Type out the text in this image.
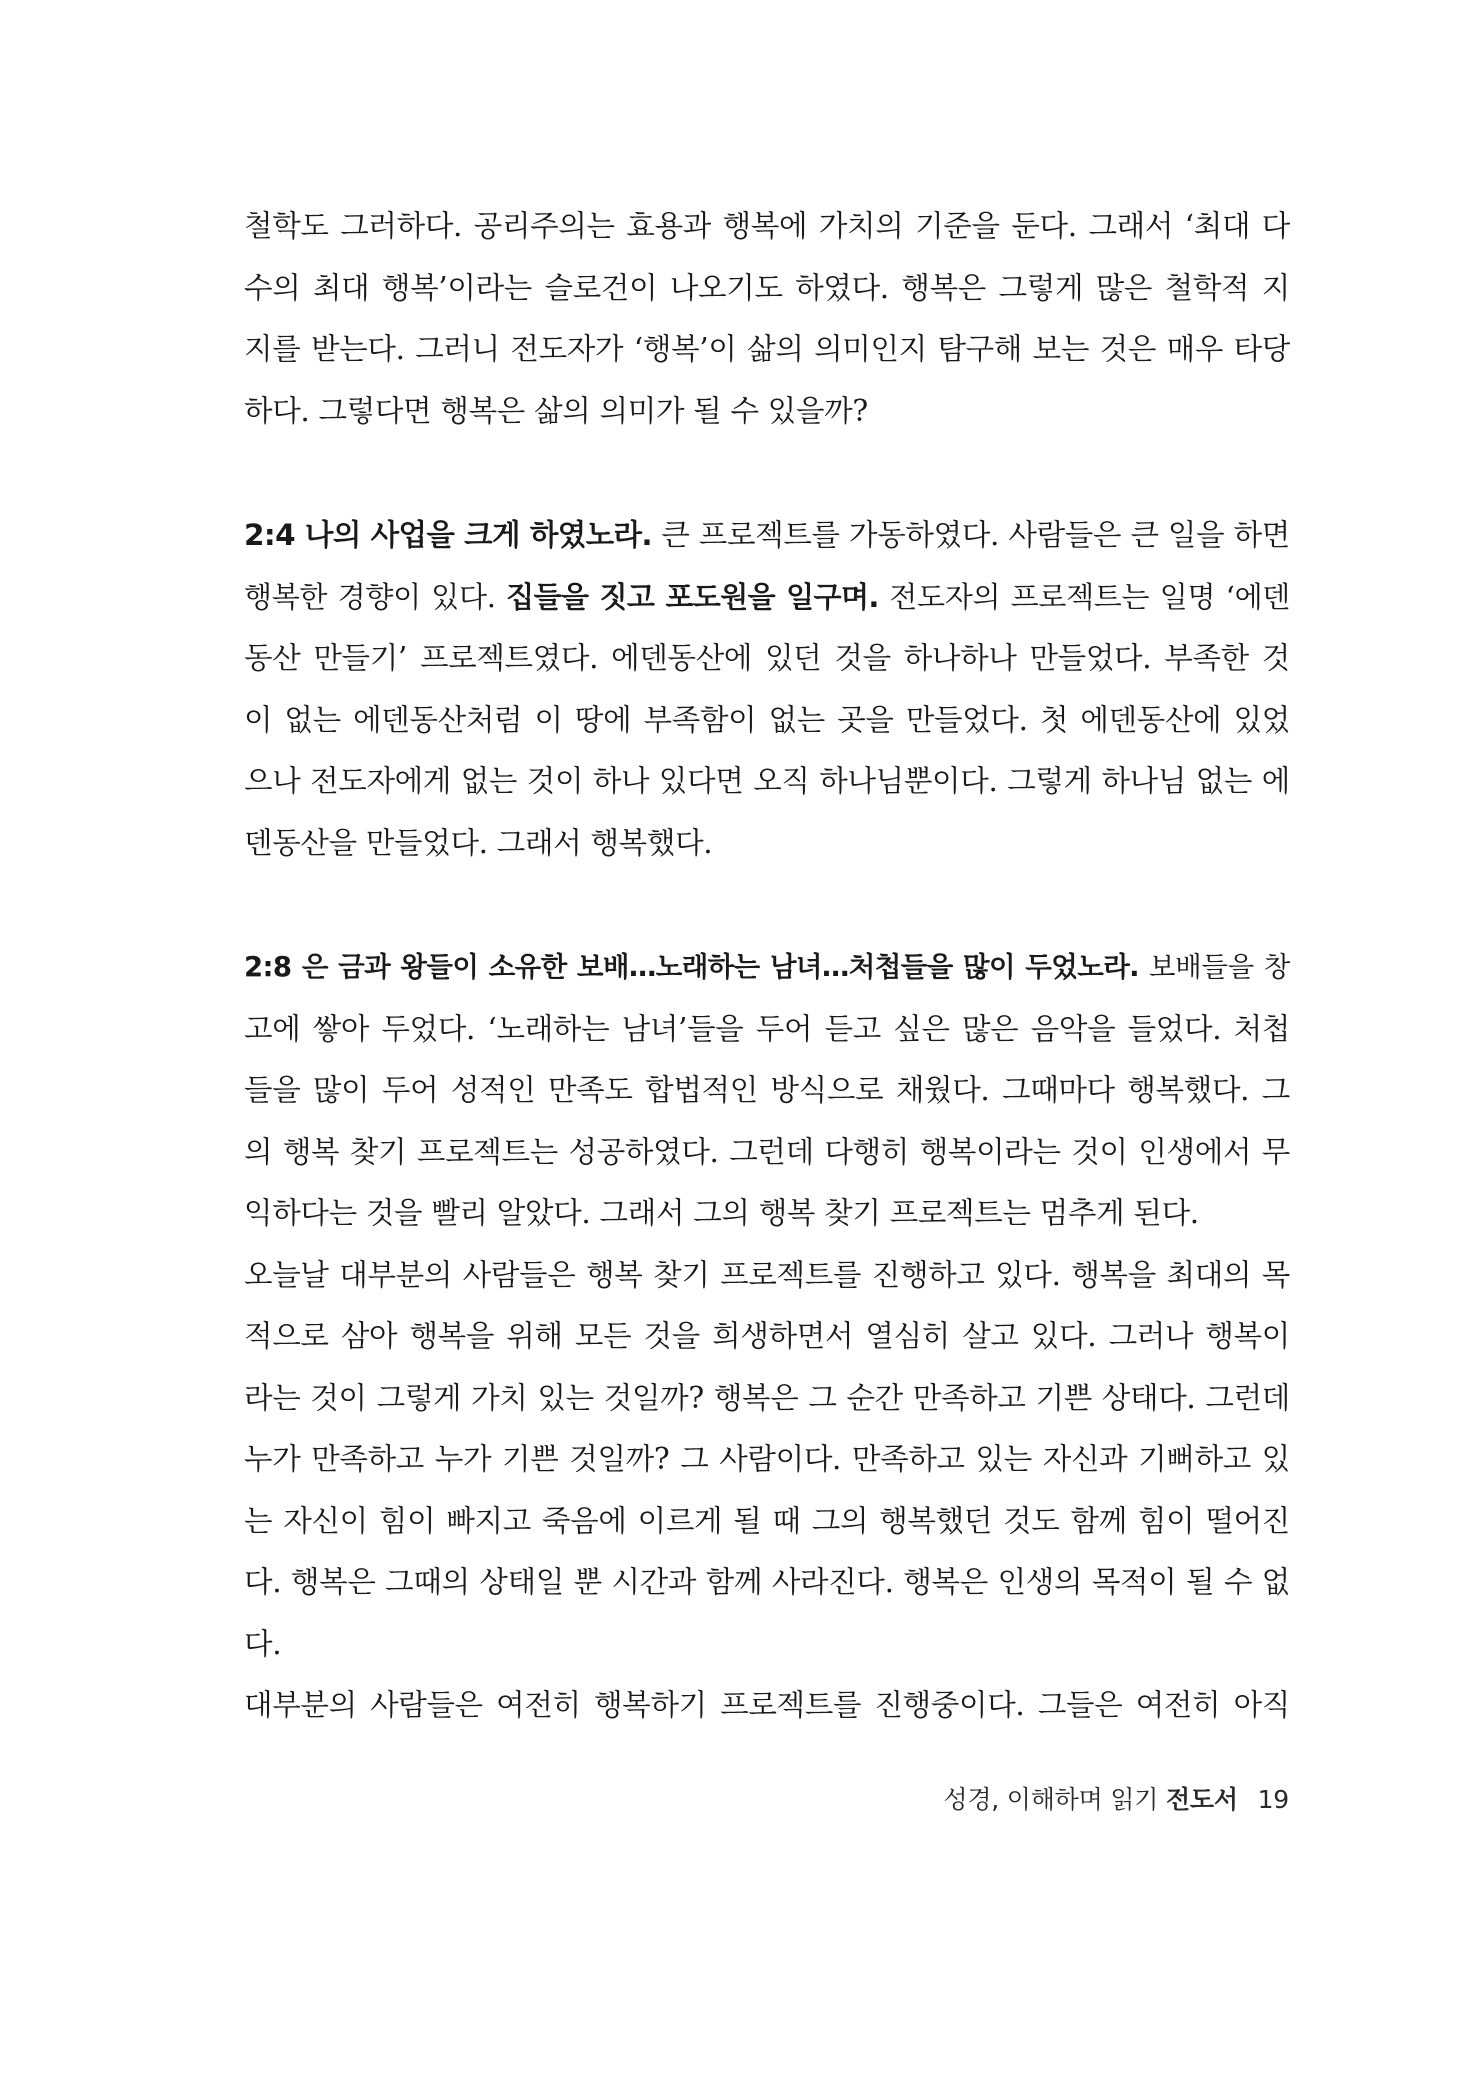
철학도 그러하다. 공리주의는 효용과 행복에 가치의 기준을 둔다. 그래서 ‘최대 다
수의 최대 행복’이라는 슬로건이 나오기도 하였다. 행복은 그렇게 많은 철학적 지
지를 받는다. 그러니 전도자가 ‘행복’이 삶의 의미인지 탐구해 보는 것은 매우 타당
하다. 그렇다면 행복은 삶의 의미가 될 수 있을까?
2:4 나의 사업을 크게 하였노라. 큰 프로젝트를 가동하였다. 사람들은 큰 일을 하면
행복한 경향이 있다. 집들을 짓고 포도원을 일구며. 전도자의 프로젝트는 일명 ‘에덴
동산 만들기’ 프로젝트였다. 에덴동산에 있던 것을 하나하나 만들었다. 부족한 것
이 없는 에덴동산처럼 이 땅에 부족함이 없는 곳을 만들었다. 첫 에덴동산에 있었
으나 전도자에게 없는 것이 하나 있다면 오직 하나님뿐이다. 그렇게 하나님 없는 에
덴동산을 만들었다. 그래서 행복했다.
2:8 은 금과 왕들이 소유한 보배…노래하는 남녀…처첩들을 많이 두었노라. 보배들을 창
고에 쌓아 두었다. ‘노래하는 남녀’들을 두어 듣고 싶은 많은 음악을 들었다. 처첩
들을 많이 두어 성적인 만족도 합법적인 방식으로 채웠다. 그때마다 행복했다. 그
의 행복 찾기 프로젝트는 성공하였다. 그런데 다행히 행복이라는 것이 인생에서 무
익하다는 것을 빨리 알았다. 그래서 그의 행복 찾기 프로젝트는 멈추게 된다.
오늘날 대부분의 사람들은 행복 찾기 프로젝트를 진행하고 있다. 행복을 최대의 목
적으로 삼아 행복을 위해 모든 것을 희생하면서 열심히 살고 있다. 그러나 행복이
라는 것이 그렇게 가치 있는 것일까? 행복은 그 순간 만족하고 기쁜 상태다. 그런데
누가 만족하고 누가 기쁜 것일까? 그 사람이다. 만족하고 있는 자신과 기뻐하고 있
는 자신이 힘이 빠지고 죽음에 이르게 될 때 그의 행복했던 것도 함께 힘이 떨어진
다. 행복은 그때의 상태일 뿐 시간과 함께 사라진다. 행복은 인생의 목적이 될 수 없
다.
대부분의 사람들은 여전히 행복하기 프로젝트를 진행중이다. 그들은 여전히 아직
성경, 이해하며 읽기 전도서 19
